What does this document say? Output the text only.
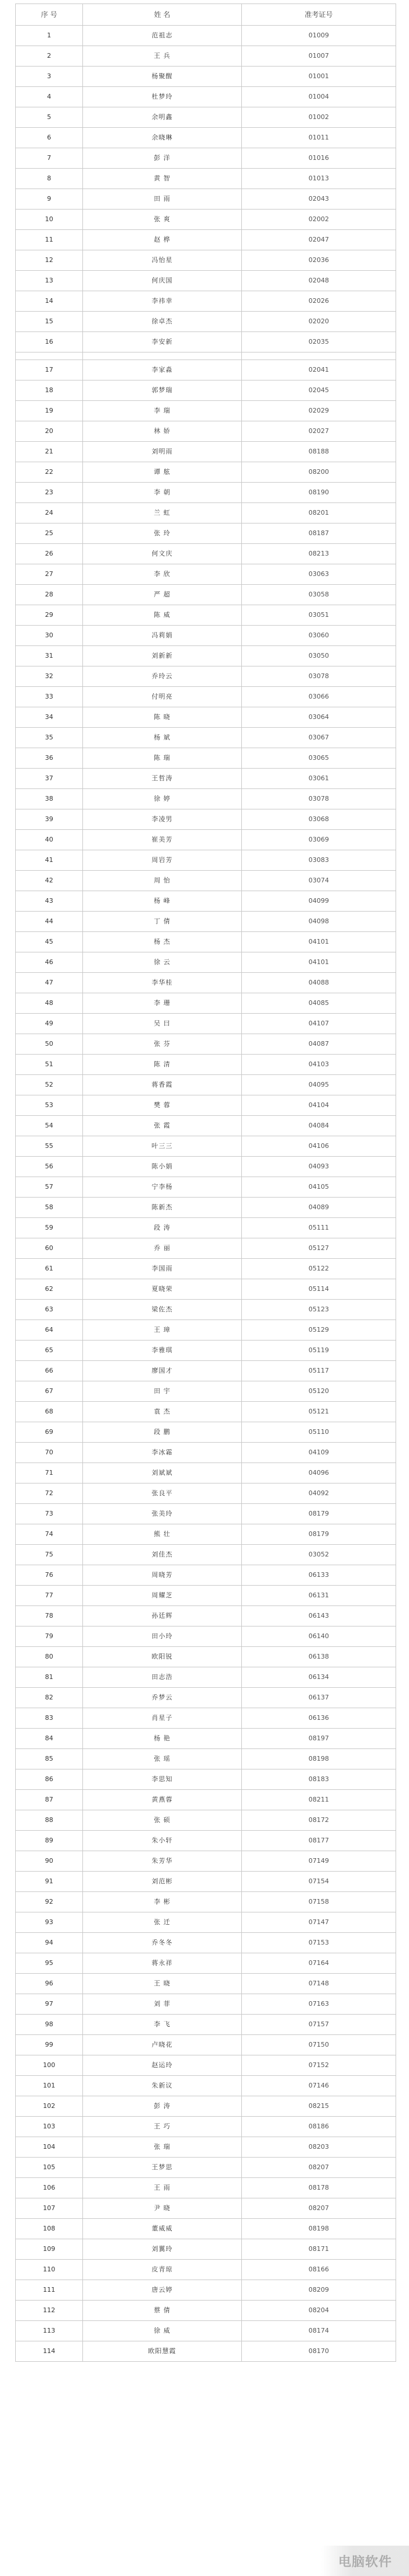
序 号	姓 名	准考证号
1	范祖志	01009
2	王 兵	01007
3	杨聚醒	01001
4	杜梦玲	01004
5	余明鑫	01002
6	余晓琳	01011
7	彭 洋	01016
8	黄 智	01013
9	田 雨	02043
10	张 爽	02002
11	赵 桦	02047
12	冯怡星	02036
13	何庆国	02048
14	李祎幸	02026
15	徐卓杰	02020
16	李安新	02035

17	李家淼	02041
18	郭梦瑞	02045
19	李 瑞	02029
20	林 娇	02027
21	刘明雨	08188
22	谭 舷	08200
23	李 朝	08190
24	兰 虹	08201
25	张 玲	08187
26	何文庆	08213
27	李 欣	03063
28	严 超	03058
29	陈 威	03051
30	冯莉娟	03060
31	刘新新	03050
32	乔玲云	03078
33	付明亮	03066
34	陈 晓	03064
35	杨 斌	03067
36	陈 瑞	03065
37	王哲涛	03061
38	徐 婷	03078
39	李凌男	03068
40	崔美芳	03069
41	周岩芳	03083
42	周 怡	03074
43	杨 峰	04099
44	丁 倩	04098
45	杨 杰	04101
46	徐 云	04101
47	李华桂	04088
48	李 珊	04085
49	吴 曰	04107
50	张 芬	04087
51	陈 清	04103
52	蒋香霞	04095
53	樊 蓉	04104
54	张 霞	04084
55	叶三三	04106
56	陈小娟	04093
57	宁李杨	04105
58	陈新杰	04089
59	段 涛	05111
60	乔 丽	05127
61	李国雨	05122
62	夏晓荣	05114
63	梁佐杰	05123
64	王 璋	05129
65	李雅琪	05119
66	廖国才	05117
67	田 宇	05120
68	袁 杰	05121
69	段 鹏	05110
70	李冰霜	04109
71	刘斌斌	04096
72	张良平	04092
73	张美玲	08179
74	熊 壮	08179
75	刘佳杰	03052
76	周晓芳	06133
77	周耀芝	06131
78	孙廷辉	06143
79	田小玲	06140
80	欧阳锐	06138
81	田志浩	06134
82	乔梦云	06137
83	肖星子	06136
84	杨 艳	08197
85	张 瑶	08198
86	李思知	08183
87	黄燕蓉	08211
88	张 硕	08172
89	朱小轩	08177
90	朱芳华	07149
91	刘范彬	07154
92	李 彬	07158
93	张 迁	07147
94	乔冬冬	07153
95	蒋永祥	07164
96	王 晓	07148
97	刘 菲	07163
98	李 飞	07157
99	卢晓花	07150
100	赵运玲	07152
101	朱新议	07146
102	彭 涛	08215
103	王 巧	08186
104	张 瑞	08203
105	王梦思	08207
106	王 雨	08178
107	尹 晓	08207
108	董威威	08198
109	刘翼玲	08171
110	皮青琼	08166
111	唐云婷	08209
112	蔡 倩	08204
113	徐 威	08174
114	欧阳慧霞	08170
电脑软件
